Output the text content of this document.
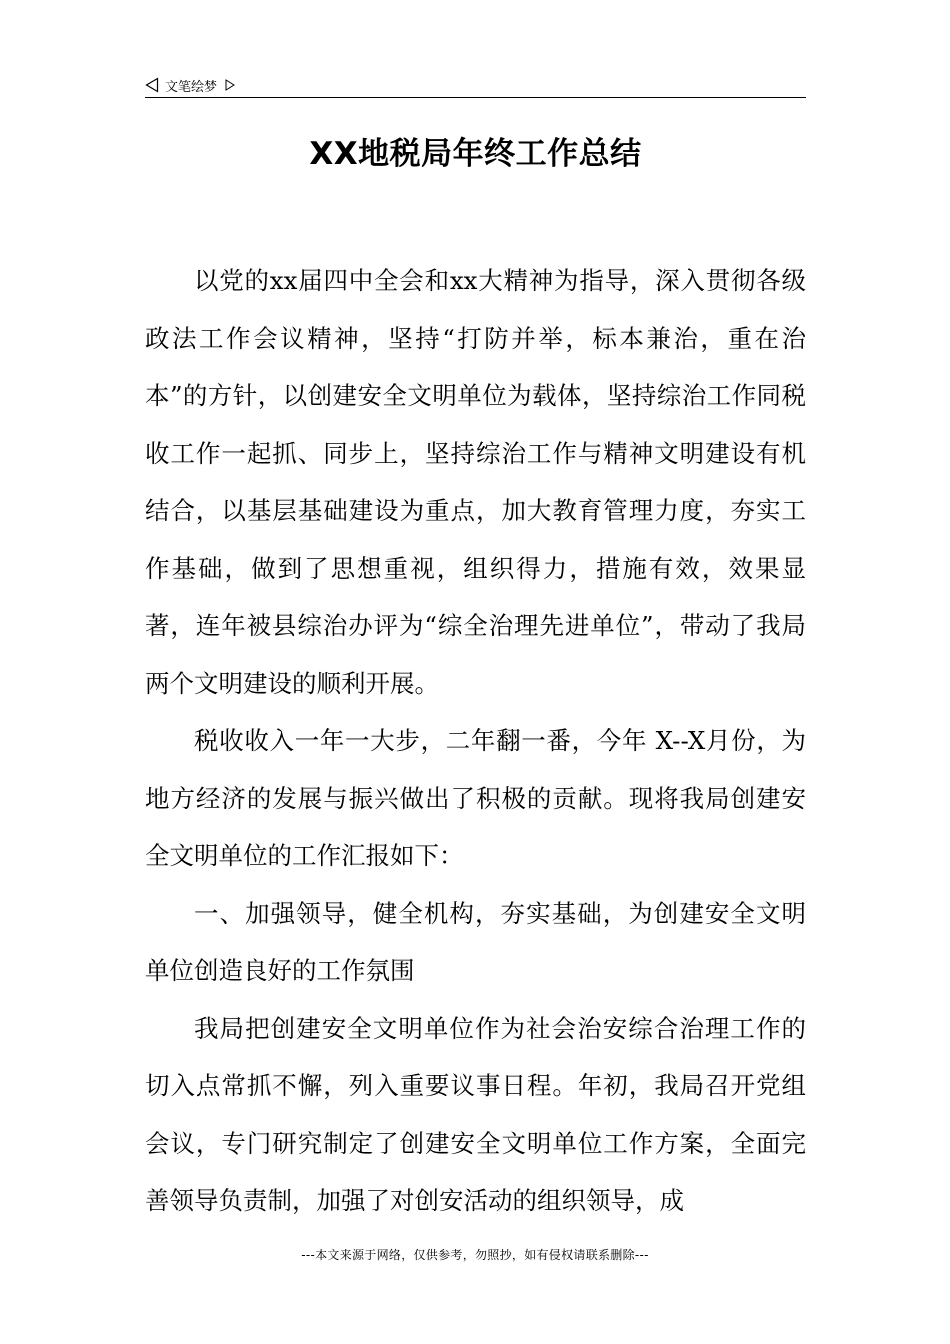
文笔绘梦
XX地税局年终工作总结

以党的xx届四中全会和xx大精神为指导，深入贯彻各级政法工作会议精神，坚持“打防并举，标本兼治，重在治本”的方针，以创建安全文明单位为载体，坚持综治工作同税收工作一起抓、同步上，坚持综治工作与精神文明建设有机结合，以基层基础建设为重点，加大教育管理力度，夯实工作基础，做到了思想重视，组织得力，措施有效，效果显著，连年被县综治办评为“综全治理先进单位”，带动了我局两个文明建设的顺利开展。

税收收入一年一大步，二年翻一番，今年 X--X月份，为地方经济的发展与振兴做出了积极的贡献。现将我局创建安全文明单位的工作汇报如下：

一、加强领导，健全机构，夯实基础，为创建安全文明单位创造良好的工作氛围

我局把创建安全文明单位作为社会治安综合治理工作的切入点常抓不懈，列入重要议事日程。年初，我局召开党组会议，专门研究制定了创建安全文明单位工作方案，全面完善领导负责制，加强了对创安活动的组织领导，成

---本文来源于网络，仅供参考，勿照抄，如有侵权请联系删除---
